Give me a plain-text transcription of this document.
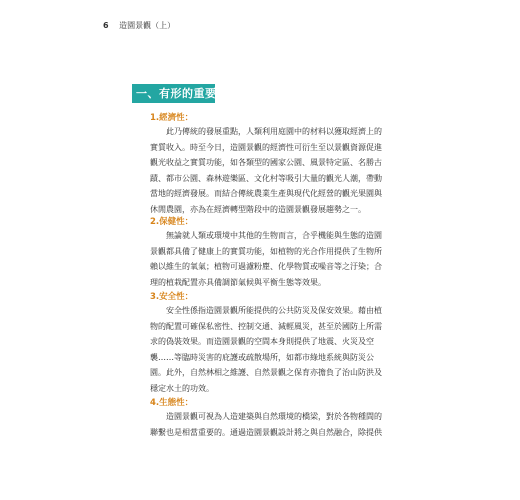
6 造園景觀（上）
一、有形的重要性
1.經濟性：
　　此乃傳統的發展重點，人類利用庭園中的材料以獲取經濟上的
實質收入。時至今日，造園景觀的經濟性可衍生至以景觀資源促進
觀光收益之實質功能，如各類型的國家公園、風景特定區、名勝古
蹟、都市公園、森林遊樂區、文化村等吸引大量的觀光人潮，帶動
當地的經濟發展。而結合傳統農業生產與現代化經營的觀光果園與
休閒農園，亦為在經濟轉型階段中的造園景觀發展趨勢之一。
2.保健性：
　　無論就人類或環境中其他的生物而言，合乎機能與生態的造園
景觀都具備了健康上的實質功能，如植物的光合作用提供了生物所
賴以維生的氧氣；植物可過濾粉塵、化學物質或噪音等之汙染；合
理的植栽配置亦具備調節氣候與平衡生態等效果。
3.安全性：
　　安全性係指造園景觀所能提供的公共防災及保安效果。藉由植
物的配置可確保私密性、控制交通、減輕風災，甚至於國防上所需
求的偽裝效果。而造園景觀的空間本身則提供了地震、火災及空
襲……等臨時災害的庇護或疏散場所，如都市綠地系統與防災公
園。此外，自然林相之維護、自然景觀之保育亦擔負了治山防洪及
穩定水土的功效。
4.生態性：
　　造園景觀可視為人造建築與自然環境的橋梁，對於各物種間的
聯繫也是相當重要的。通過造園景觀設計將之與自然融合，除提供
